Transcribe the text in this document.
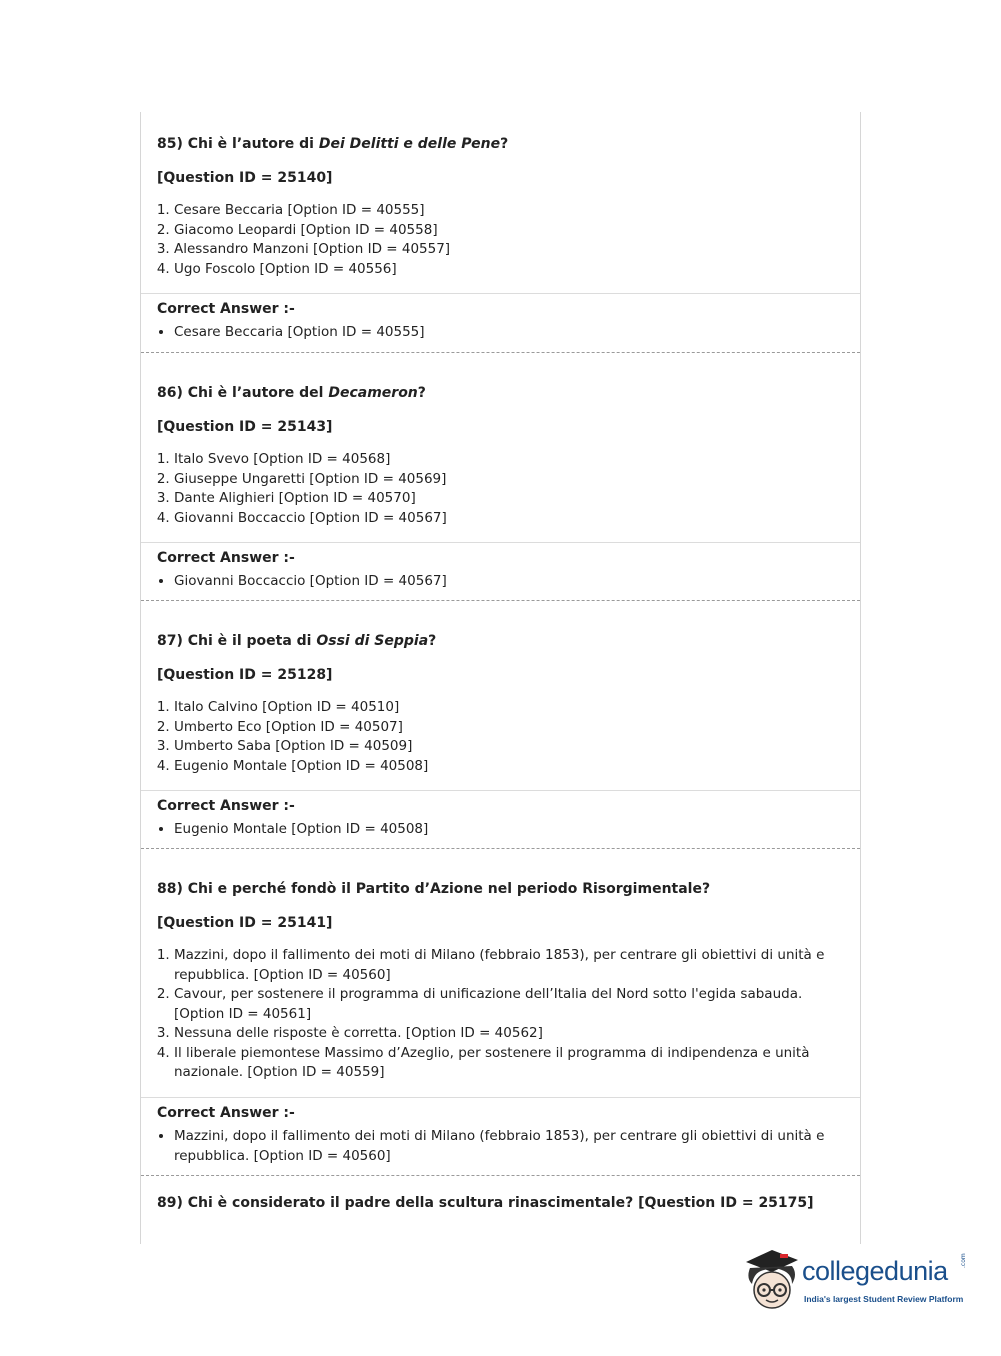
85) Chi è l’autore di Dei Delitti e delle Pene?
[Question ID = 25140]
1. Cesare Beccaria [Option ID = 40555]
2. Giacomo Leopardi [Option ID = 40558]
3. Alessandro Manzoni [Option ID = 40557]
4. Ugo Foscolo [Option ID = 40556]
Correct Answer :-
• Cesare Beccaria [Option ID = 40555]
86) Chi è l’autore del Decameron?
[Question ID = 25143]
1. Italo Svevo [Option ID = 40568]
2. Giuseppe Ungaretti [Option ID = 40569]
3. Dante Alighieri [Option ID = 40570]
4. Giovanni Boccaccio [Option ID = 40567]
Correct Answer :-
• Giovanni Boccaccio [Option ID = 40567]
87) Chi è il poeta di Ossi di Seppia?
[Question ID = 25128]
1. Italo Calvino [Option ID = 40510]
2. Umberto Eco [Option ID = 40507]
3. Umberto Saba [Option ID = 40509]
4. Eugenio Montale [Option ID = 40508]
Correct Answer :-
• Eugenio Montale [Option ID = 40508]
88) Chi e perché fondò il Partito d’Azione nel periodo Risorgimentale?
[Question ID = 25141]
1. Mazzini, dopo il fallimento dei moti di Milano (febbraio 1853), per centrare gli obiettivi di unità e repubblica. [Option ID = 40560]
2. Cavour, per sostenere il programma di unificazione dell’Italia del Nord sotto l'egida sabauda. [Option ID = 40561]
3. Nessuna delle risposte è corretta. [Option ID = 40562]
4. Il liberale piemontese Massimo d’Azeglio, per sostenere il programma di indipendenza e unità nazionale. [Option ID = 40559]
Correct Answer :-
• Mazzini, dopo il fallimento dei moti di Milano (febbraio 1853), per centrare gli obiettivi di unità e repubblica. [Option ID = 40560]
89) Chi è considerato il padre della scultura rinascimentale? [Question ID = 25175]
collegedunia .com
India's largest Student Review Platform
